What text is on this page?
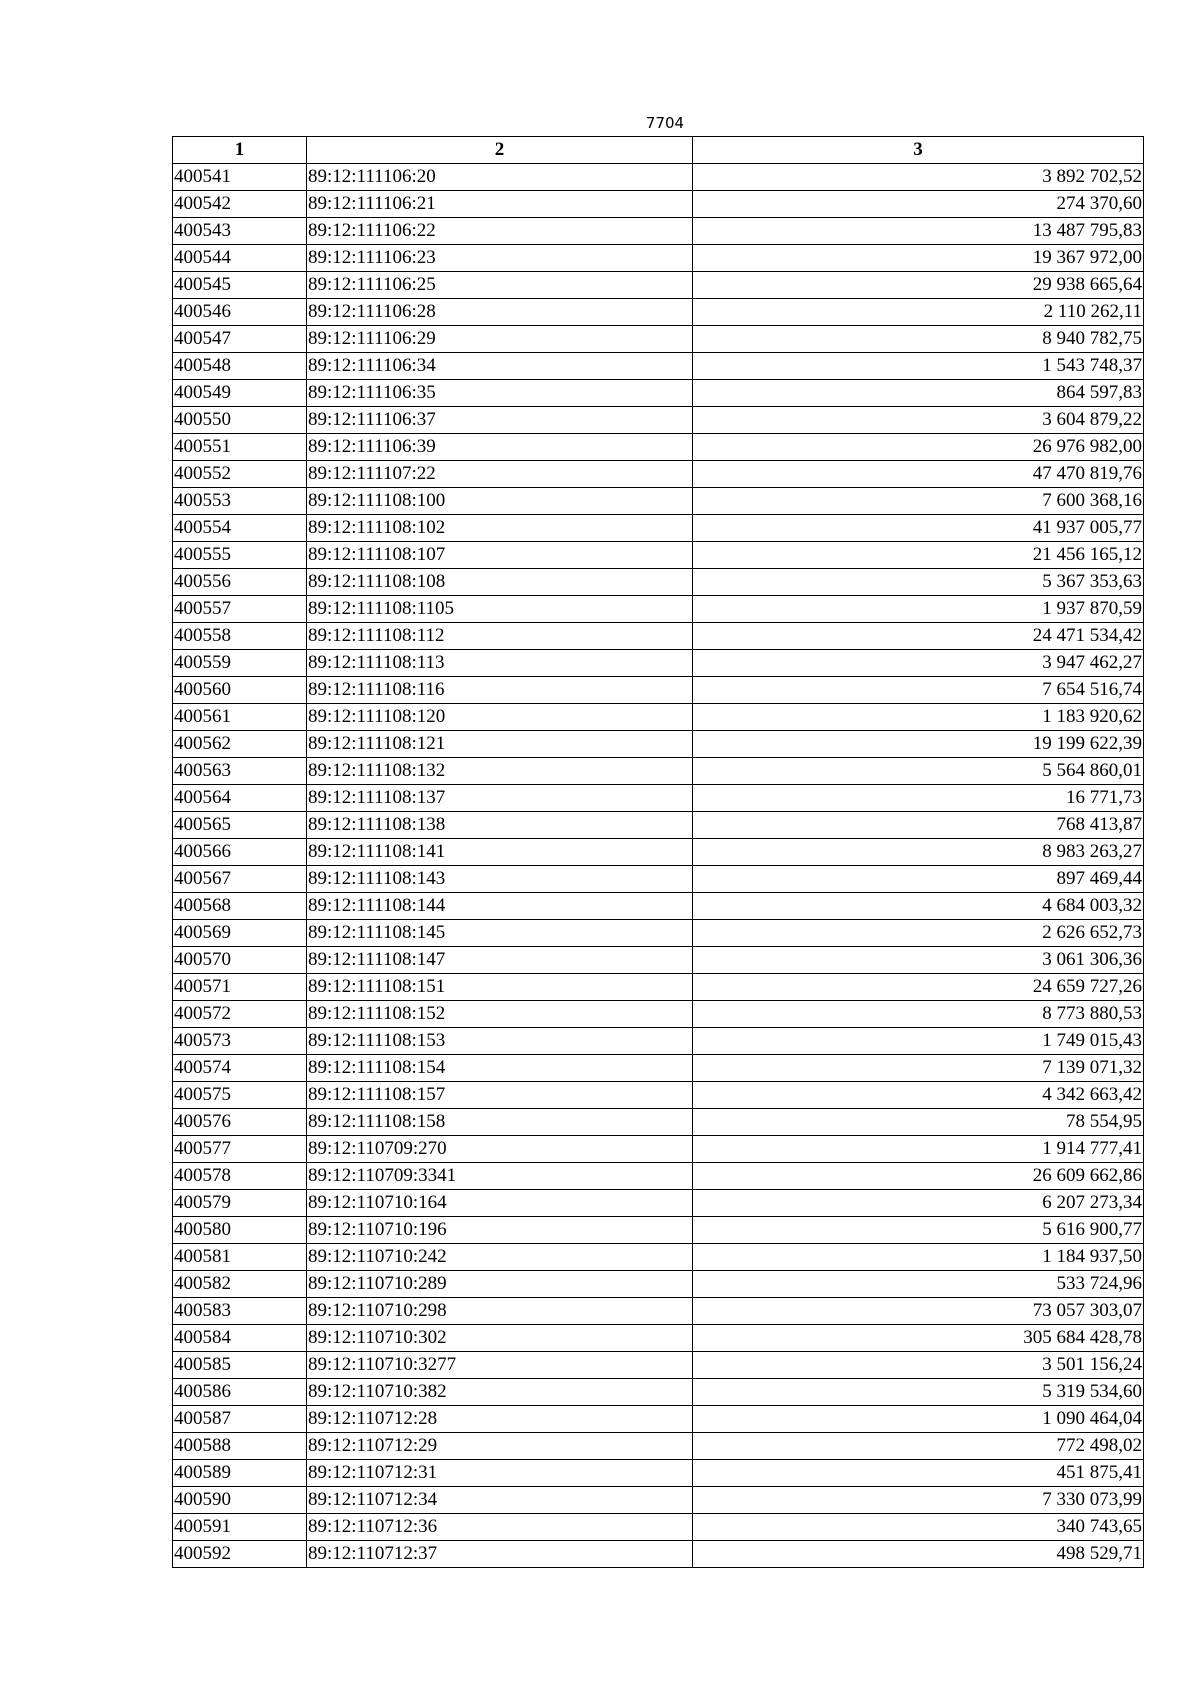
7704
1	2	3
400541	89:12:111106:20	3 892 702,52
400542	89:12:111106:21	274 370,60
400543	89:12:111106:22	13 487 795,83
400544	89:12:111106:23	19 367 972,00
400545	89:12:111106:25	29 938 665,64
400546	89:12:111106:28	2 110 262,11
400547	89:12:111106:29	8 940 782,75
400548	89:12:111106:34	1 543 748,37
400549	89:12:111106:35	864 597,83
400550	89:12:111106:37	3 604 879,22
400551	89:12:111106:39	26 976 982,00
400552	89:12:111107:22	47 470 819,76
400553	89:12:111108:100	7 600 368,16
400554	89:12:111108:102	41 937 005,77
400555	89:12:111108:107	21 456 165,12
400556	89:12:111108:108	5 367 353,63
400557	89:12:111108:1105	1 937 870,59
400558	89:12:111108:112	24 471 534,42
400559	89:12:111108:113	3 947 462,27
400560	89:12:111108:116	7 654 516,74
400561	89:12:111108:120	1 183 920,62
400562	89:12:111108:121	19 199 622,39
400563	89:12:111108:132	5 564 860,01
400564	89:12:111108:137	16 771,73
400565	89:12:111108:138	768 413,87
400566	89:12:111108:141	8 983 263,27
400567	89:12:111108:143	897 469,44
400568	89:12:111108:144	4 684 003,32
400569	89:12:111108:145	2 626 652,73
400570	89:12:111108:147	3 061 306,36
400571	89:12:111108:151	24 659 727,26
400572	89:12:111108:152	8 773 880,53
400573	89:12:111108:153	1 749 015,43
400574	89:12:111108:154	7 139 071,32
400575	89:12:111108:157	4 342 663,42
400576	89:12:111108:158	78 554,95
400577	89:12:110709:270	1 914 777,41
400578	89:12:110709:3341	26 609 662,86
400579	89:12:110710:164	6 207 273,34
400580	89:12:110710:196	5 616 900,77
400581	89:12:110710:242	1 184 937,50
400582	89:12:110710:289	533 724,96
400583	89:12:110710:298	73 057 303,07
400584	89:12:110710:302	305 684 428,78
400585	89:12:110710:3277	3 501 156,24
400586	89:12:110710:382	5 319 534,60
400587	89:12:110712:28	1 090 464,04
400588	89:12:110712:29	772 498,02
400589	89:12:110712:31	451 875,41
400590	89:12:110712:34	7 330 073,99
400591	89:12:110712:36	340 743,65
400592	89:12:110712:37	498 529,71
